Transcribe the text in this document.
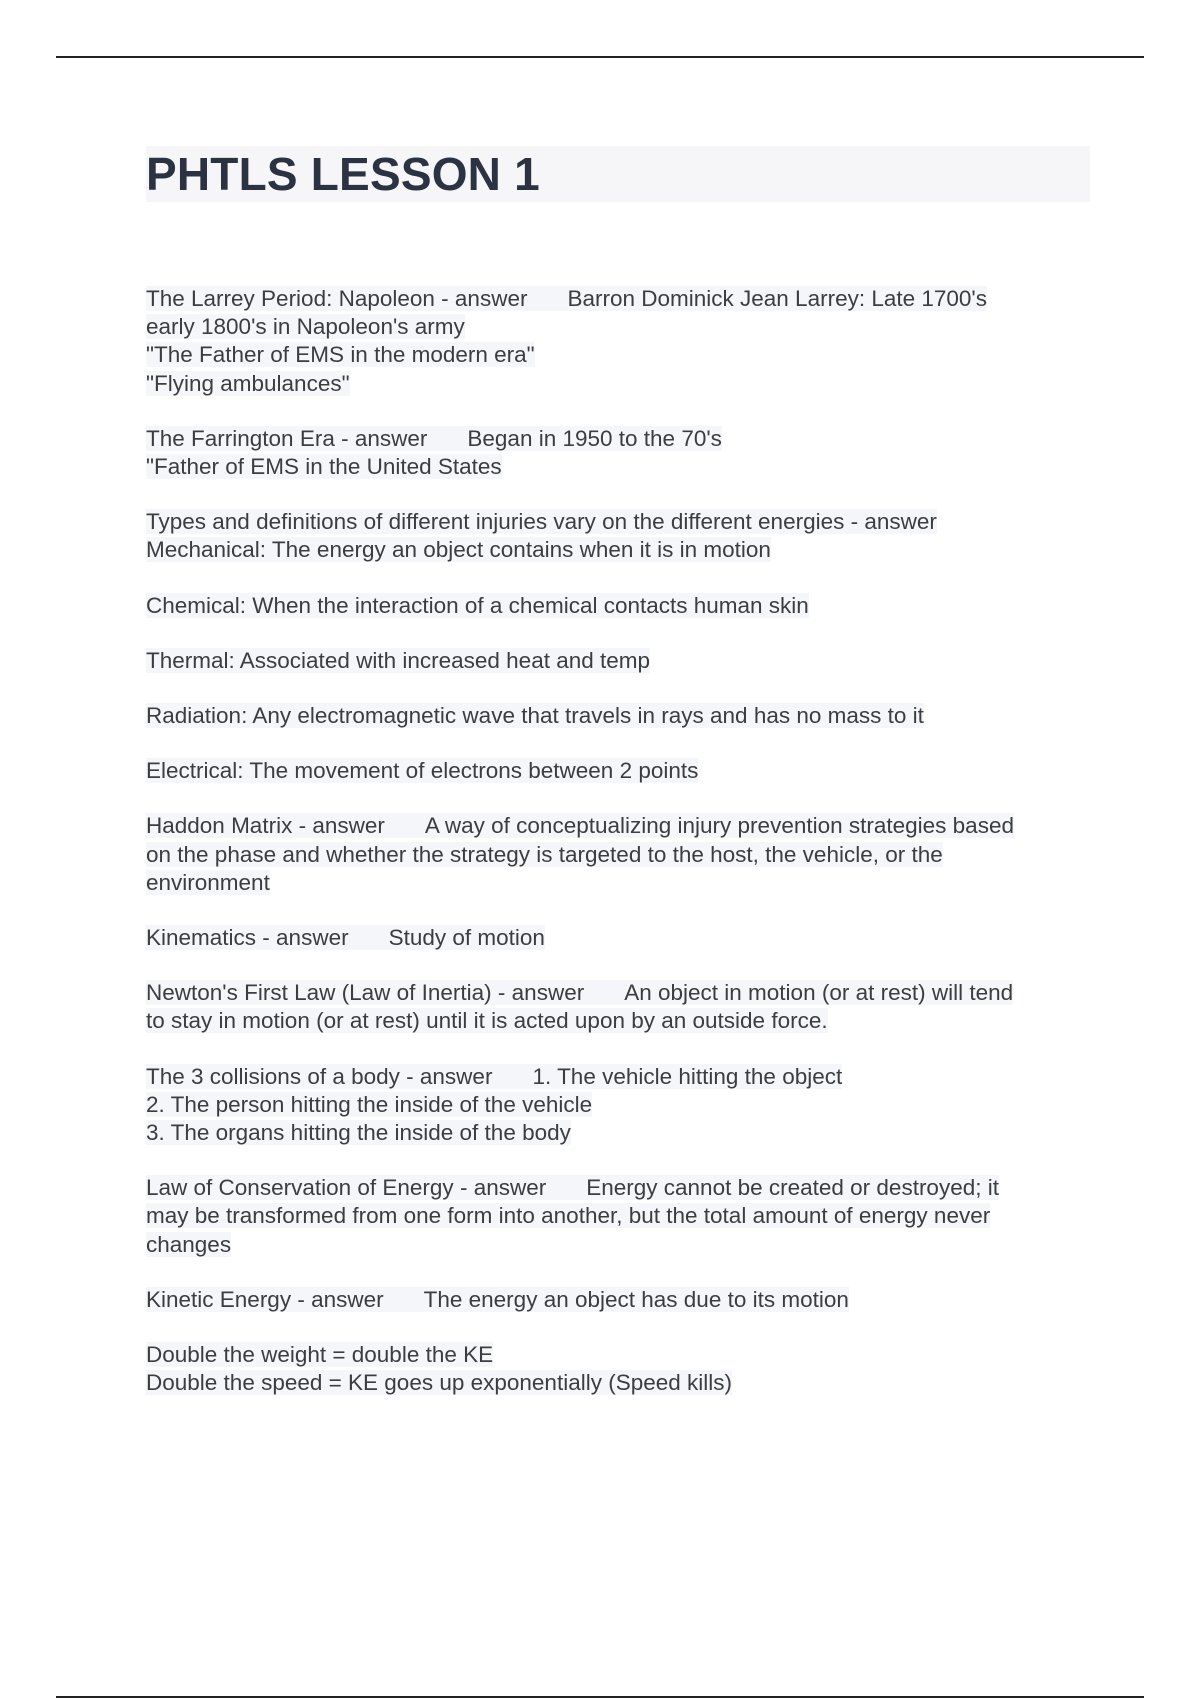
PHTLS LESSON 1
The Larrey Period: Napoleon - answer Barron Dominick Jean Larrey: Late 1700's
early 1800's in Napoleon's army
"The Father of EMS in the modern era"
"Flying ambulances"
The Farrington Era - answer Began in 1950 to the 70's
"Father of EMS in the United States
Types and definitions of different injuries vary on the different energies - answer
Mechanical: The energy an object contains when it is in motion
Chemical: When the interaction of a chemical contacts human skin
Thermal: Associated with increased heat and temp
Radiation: Any electromagnetic wave that travels in rays and has no mass to it
Electrical: The movement of electrons between 2 points
Haddon Matrix - answer A way of conceptualizing injury prevention strategies based
on the phase and whether the strategy is targeted to the host, the vehicle, or the
environment
Kinematics - answer Study of motion
Newton's First Law (Law of Inertia) - answer An object in motion (or at rest) will tend
to stay in motion (or at rest) until it is acted upon by an outside force.
The 3 collisions of a body - answer 1. The vehicle hitting the object
2. The person hitting the inside of the vehicle
3. The organs hitting the inside of the body
Law of Conservation of Energy - answer Energy cannot be created or destroyed; it
may be transformed from one form into another, but the total amount of energy never
changes
Kinetic Energy - answer The energy an object has due to its motion
Double the weight = double the KE
Double the speed = KE goes up exponentially (Speed kills)
